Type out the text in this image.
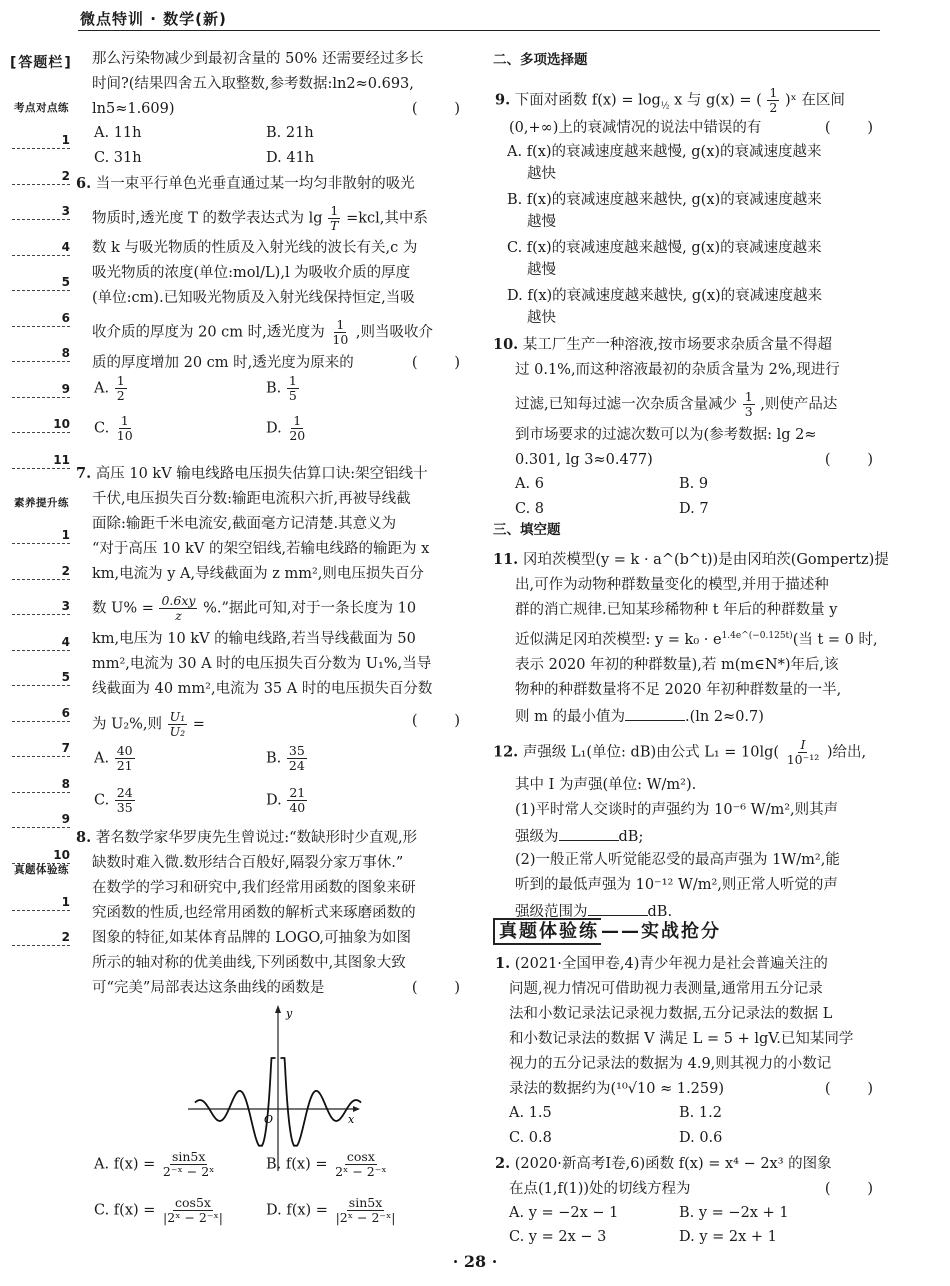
微点特训 · 数学(新)
[ 答题栏 ]
考点对点练
1
2
3
4
5
6
8
9
10
11
素养提升练
1
2
3
4
5
6
7
8
9
10
真题体验练
1
2
那么污染物减少到最初含量的 50% 还需要经过多长
时间?(结果四舍五入取整数,参考数据:ln2≈0.693,
ln5≈1.609)	(        )
A. 11h	B. 21h
C. 31h	D. 41h
6. 当一束平行单色光垂直通过某一均匀非散射的吸光
物质时,透光度 T 的数学表达式为 $\lg \frac{1}{T} =kcl$,其中系
数 k 与吸光物质的性质及入射光线的波长有关,c 为
吸光物质的浓度(单位:mol/L),l 为吸收介质的厚度
(单位:cm).已知吸光物质及入射光线保持恒定,当吸
收介质的厚度为 20 cm 时,透光度为 $\frac{1}{10}$ ,则当吸收介
质的厚度增加 20 cm 时,透光度为原来的	(        )
A. $\frac{1}{2}$	B. $\frac{1}{5}$
C. $\frac{1}{10}$	D. $\frac{1}{20}$
7. 高压 10 kV 输电线路电压损失估算口诀:架空铝线十
千伏,电压损失百分数:输距电流积六折,再被导线截
面除:输距千米电流安,截面毫方记清楚.其意义为
“对于高压 10 kV 的架空铝线,若输电线路的输距为 x
km,电流为 y A,导线截面为 z mm²,则电压损失百分
数 $U\% = \frac{0.6xy}{z}$ %.”据此可知,对于一条长度为 10
km,电压为 10 kV 的输电线路,若当导线截面为 50
mm²,电流为 30 A 时的电压损失百分数为 U₁%,当导
线截面为 40 mm²,电流为 35 A 时的电压损失百分数
为 U₂%,则 $\frac{\text{U₁}}{\text{U₂}}$ =	(        )
A. $\frac{40}{21}$	B. $\frac{35}{24}$
C. $\frac{24}{35}$	D. $\frac{21}{40}$
8. 著名数学家华罗庚先生曾说过:“数缺形时少直观,形
缺数时难入微.数形结合百般好,隔裂分家万事休.”
在数学的学习和研究中,我们经常用函数的图象来研
究函数的性质,也经常用函数的解析式来琢磨函数的
图象的特征,如某体育品牌的 LOGO,可抽象为如图
所示的轴对称的优美曲线,下列函数中,其图象大致
可“完美”局部表达这条曲线的函数是	(        )
y
x
O
A. $f(x) = \frac{\sin 5x}{\text{2⁻ˣ − 2ˣ}}$	B. $f(x) = \frac{\cos x}{\text{2ˣ − 2⁻ˣ}}$
C. $f(x) = \frac{\cos 5x}{\text{|2ˣ − 2⁻ˣ|}}$	D. $f(x) = \frac{\sin 5x}{\text{|2ˣ − 2⁻ˣ|}}$
二、多项选择题
9. 下面对函数 $f(x) = \log_{\frac{1}{2}} x$ 与 g(x) = ( $\frac{1}{2}$ )ˣ 在区间
(0,+∞)上的衰减情况的说法中错误的有	(        )
A. f(x)的衰减速度越来越慢, g(x)的衰减速度越来
越快
B. f(x)的衰减速度越来越快, g(x)的衰减速度越来
越慢
C. f(x)的衰减速度越来越慢, g(x)的衰减速度越来
越慢
D. f(x)的衰减速度越来越快, g(x)的衰减速度越来
越快
10. 某工厂生产一种溶液,按市场要求杂质含量不得超
过 0.1%,而这种溶液最初的杂质含量为 2%,现进行
过滤,已知每过滤一次杂质含量减少 $\frac{1}{3}$ ,则使产品达
到市场要求的过滤次数可以为(参考数据: lg 2≈
0.301, lg 3≈0.477)	(        )
A. 6	B. 9
C. 8	D. 7
三、填空题
11. 冈珀茨模型(y = k · a^(b^t))是由冈珀茨(Gompertz)提
出,可作为动物种群数量变化的模型,并用于描述种
群的消亡规律.已知某珍稀物种 t 年后的种群数量 y
近似满足冈珀茨模型: $y = k_0 \cdot e^{1.4e\^{}(-0.125t)}$(当 t = 0 时,
表示 2020 年初的种群数量),若 m(m∈N*)年后,该
物种的种群数量将不足 2020 年初种群数量的一半,
则 m 的最小值为	.(ln 2≈0.7)
12. 声强级 L₁(单位: dB)由公式 $L_1 = 10\lg( \frac{I}{\text{10⁻¹²}}$ )给出,
其中 I 为声强(单位: W/m²).
(1)平时常人交谈时的声强约为 10⁻⁶ W/m²,则其声
强级为	dB;
(2)一般正常人听觉能忍受的最高声强为 1W/m²,能
听到的最低声强为 10⁻¹² W/m²,则正常人听觉的声
强级范围为	dB.
真题体验练 ——实战抢分
1. (2021·全国甲卷,4)青少年视力是社会普遍关注的
问题,视力情况可借助视力表测量,通常用五分记录
法和小数记录法记录视力数据,五分记录法的数据 L
和小数记录法的数据 V 满足 L = 5 + lgV.已知某同学
视力的五分记录法的数据为 4.9,则其视力的小数记
录法的数据约为(¹⁰√10 ≈ 1.259)	(        )
A. 1.5	B. 1.2
C. 0.8	D. 0.6
2. (2020·新高考Ⅰ卷,6)函数 f(x) = x⁴ − 2x³ 的图象
在点(1,f(1))处的切线方程为	(        )
A. y = −2x − 1	B. y = −2x + 1
C. y = 2x − 3	D. y = 2x + 1
· 28 ·
